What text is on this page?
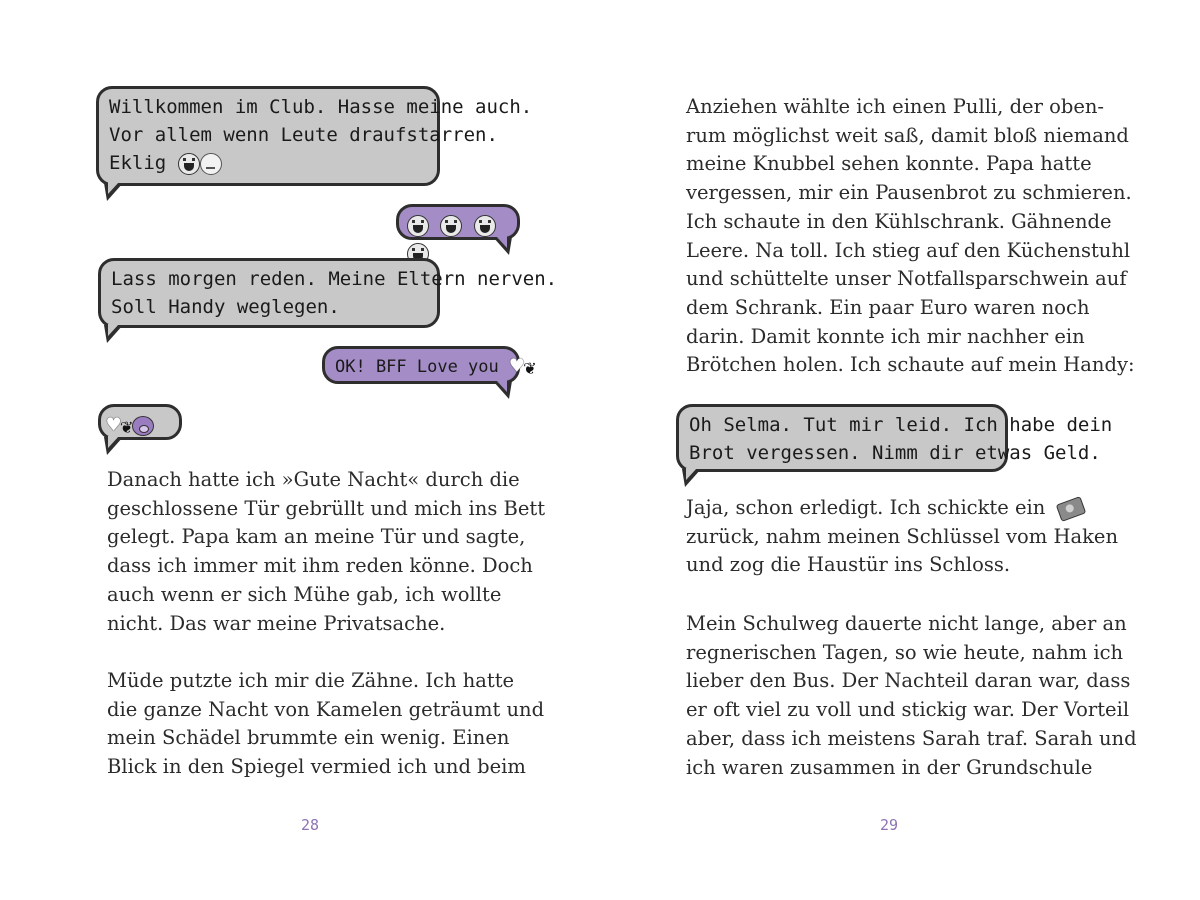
Willkommen im Club. Hasse meine auch.
Vor allem wenn Leute draufstarren.
Eklig

Lass morgen reden. Meine Eltern nerven.
Soll Handy weglegen.
OK! BFF Love you ♥❦
♥❦
Danach hatte ich »Gute Nacht« durch die
geschlossene Tür gebrüllt und mich ins Bett
gelegt. Papa kam an meine Tür und sagte,
dass ich immer mit ihm reden könne. Doch
auch wenn er sich Mühe gab, ich wollte
nicht. Das war meine Privatsache.
Müde putzte ich mir die Zähne. Ich hatte
die ganze Nacht von Kamelen geträumt und
mein Schädel brummte ein wenig. Einen
Blick in den Spiegel vermied ich und beim
28
Anziehen wählte ich einen Pulli, der oben-
rum möglichst weit saß, damit bloß niemand
meine Knubbel sehen konnte. Papa hatte
vergessen, mir ein Pausenbrot zu schmieren.
Ich schaute in den Kühlschrank. Gähnende
Leere. Na toll. Ich stieg auf den Küchenstuhl
und schüttelte unser Notfallsparschwein auf
dem Schrank. Ein paar Euro waren noch
darin. Damit konnte ich mir nachher ein
Brötchen holen. Ich schaute auf mein Handy:
Oh Selma. Tut mir leid. Ich habe dein
Brot vergessen. Nimm dir etwas Geld.
Jaja, schon erledigt. Ich schickte ein
zurück, nahm meinen Schlüssel vom Haken
und zog die Haustür ins Schloss.
Mein Schulweg dauerte nicht lange, aber an
regnerischen Tagen, so wie heute, nahm ich
lieber den Bus. Der Nachteil daran war, dass
er oft viel zu voll und stickig war. Der Vorteil
aber, dass ich meistens Sarah traf. Sarah und
ich waren zusammen in der Grundschule
29
